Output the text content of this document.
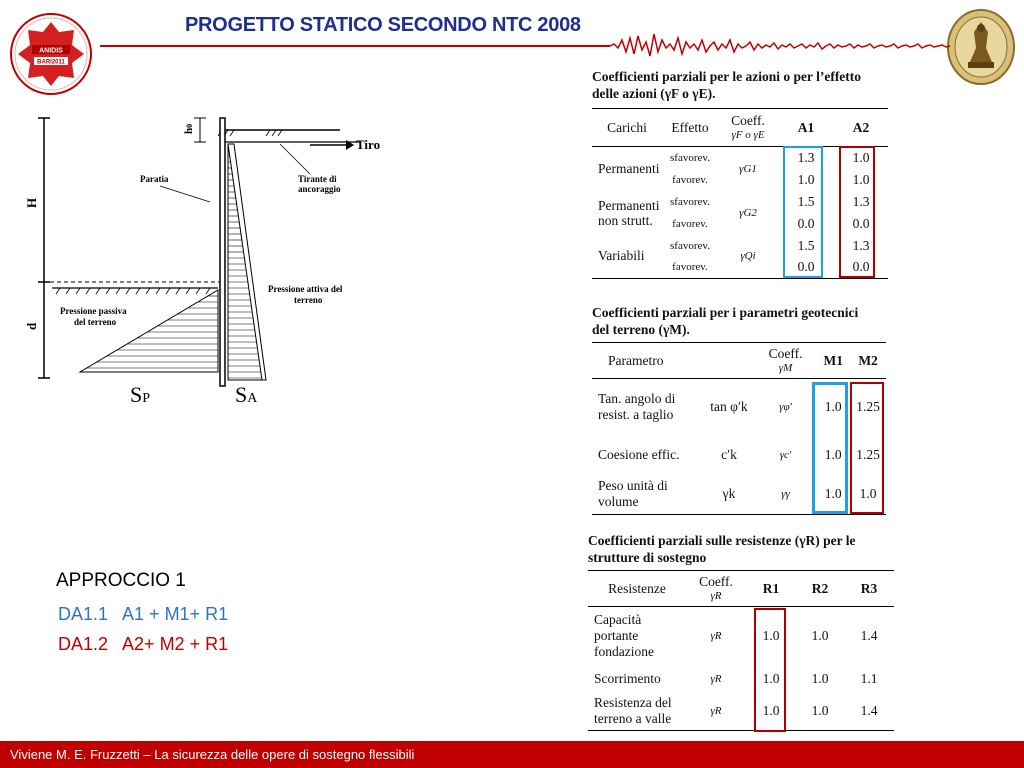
PROGETTO STATICO SECONDO NTC 2008
ANIDIS
BARI2011
H
d
h0
Paratia	Tirante di
ancoraggio
Pressione attiva del
terreno
Pressione passiva
del terreno
SP	SA
Tiro
Coefficienti parziali per le azioni o per l’effetto
delle azioni (γF o γE).
Carichi	Effetto	Coeff.
γF o γE	A1	A2
Permanenti	sfavorev.	γG1	1.3	1.0
	favorev.		1.0	1.0
Permanenti non strutt.	sfavorev.	γG2	1.5	1.3
	favorev.		0.0	0.0
Variabili	sfavorev.	γQi	1.5	1.3
	favorev.		0.0	0.0
Coefficienti parziali per i parametri geotecnici
del terreno (γM).
Parametro		Coeff.
γM	M1	M2
Tan. angolo di resist. a taglio	tan φ′k	γφ′	1.0	1.25
Coesione effic.	c′k	γc′	1.0	1.25
Peso unità di volume	γk	γγ	1.0	1.0
Coefficienti parziali sulle resistenze (γR) per le
strutture di sostegno
Resistenze	Coeff.
γR	R1	R2	R3
Capacità portante fondazione	γR	1.0	1.0	1.4
Scorrimento	γR	1.0	1.0	1.1
Resistenza del terreno a valle	γR	1.0	1.0	1.4
APPROCCIO 1
DA1.1   A1 + M1+ R1
DA1.2   A2+ M2 + R1
Viviene M. E. Fruzzetti – La sicurezza delle opere di sostegno flessibili
